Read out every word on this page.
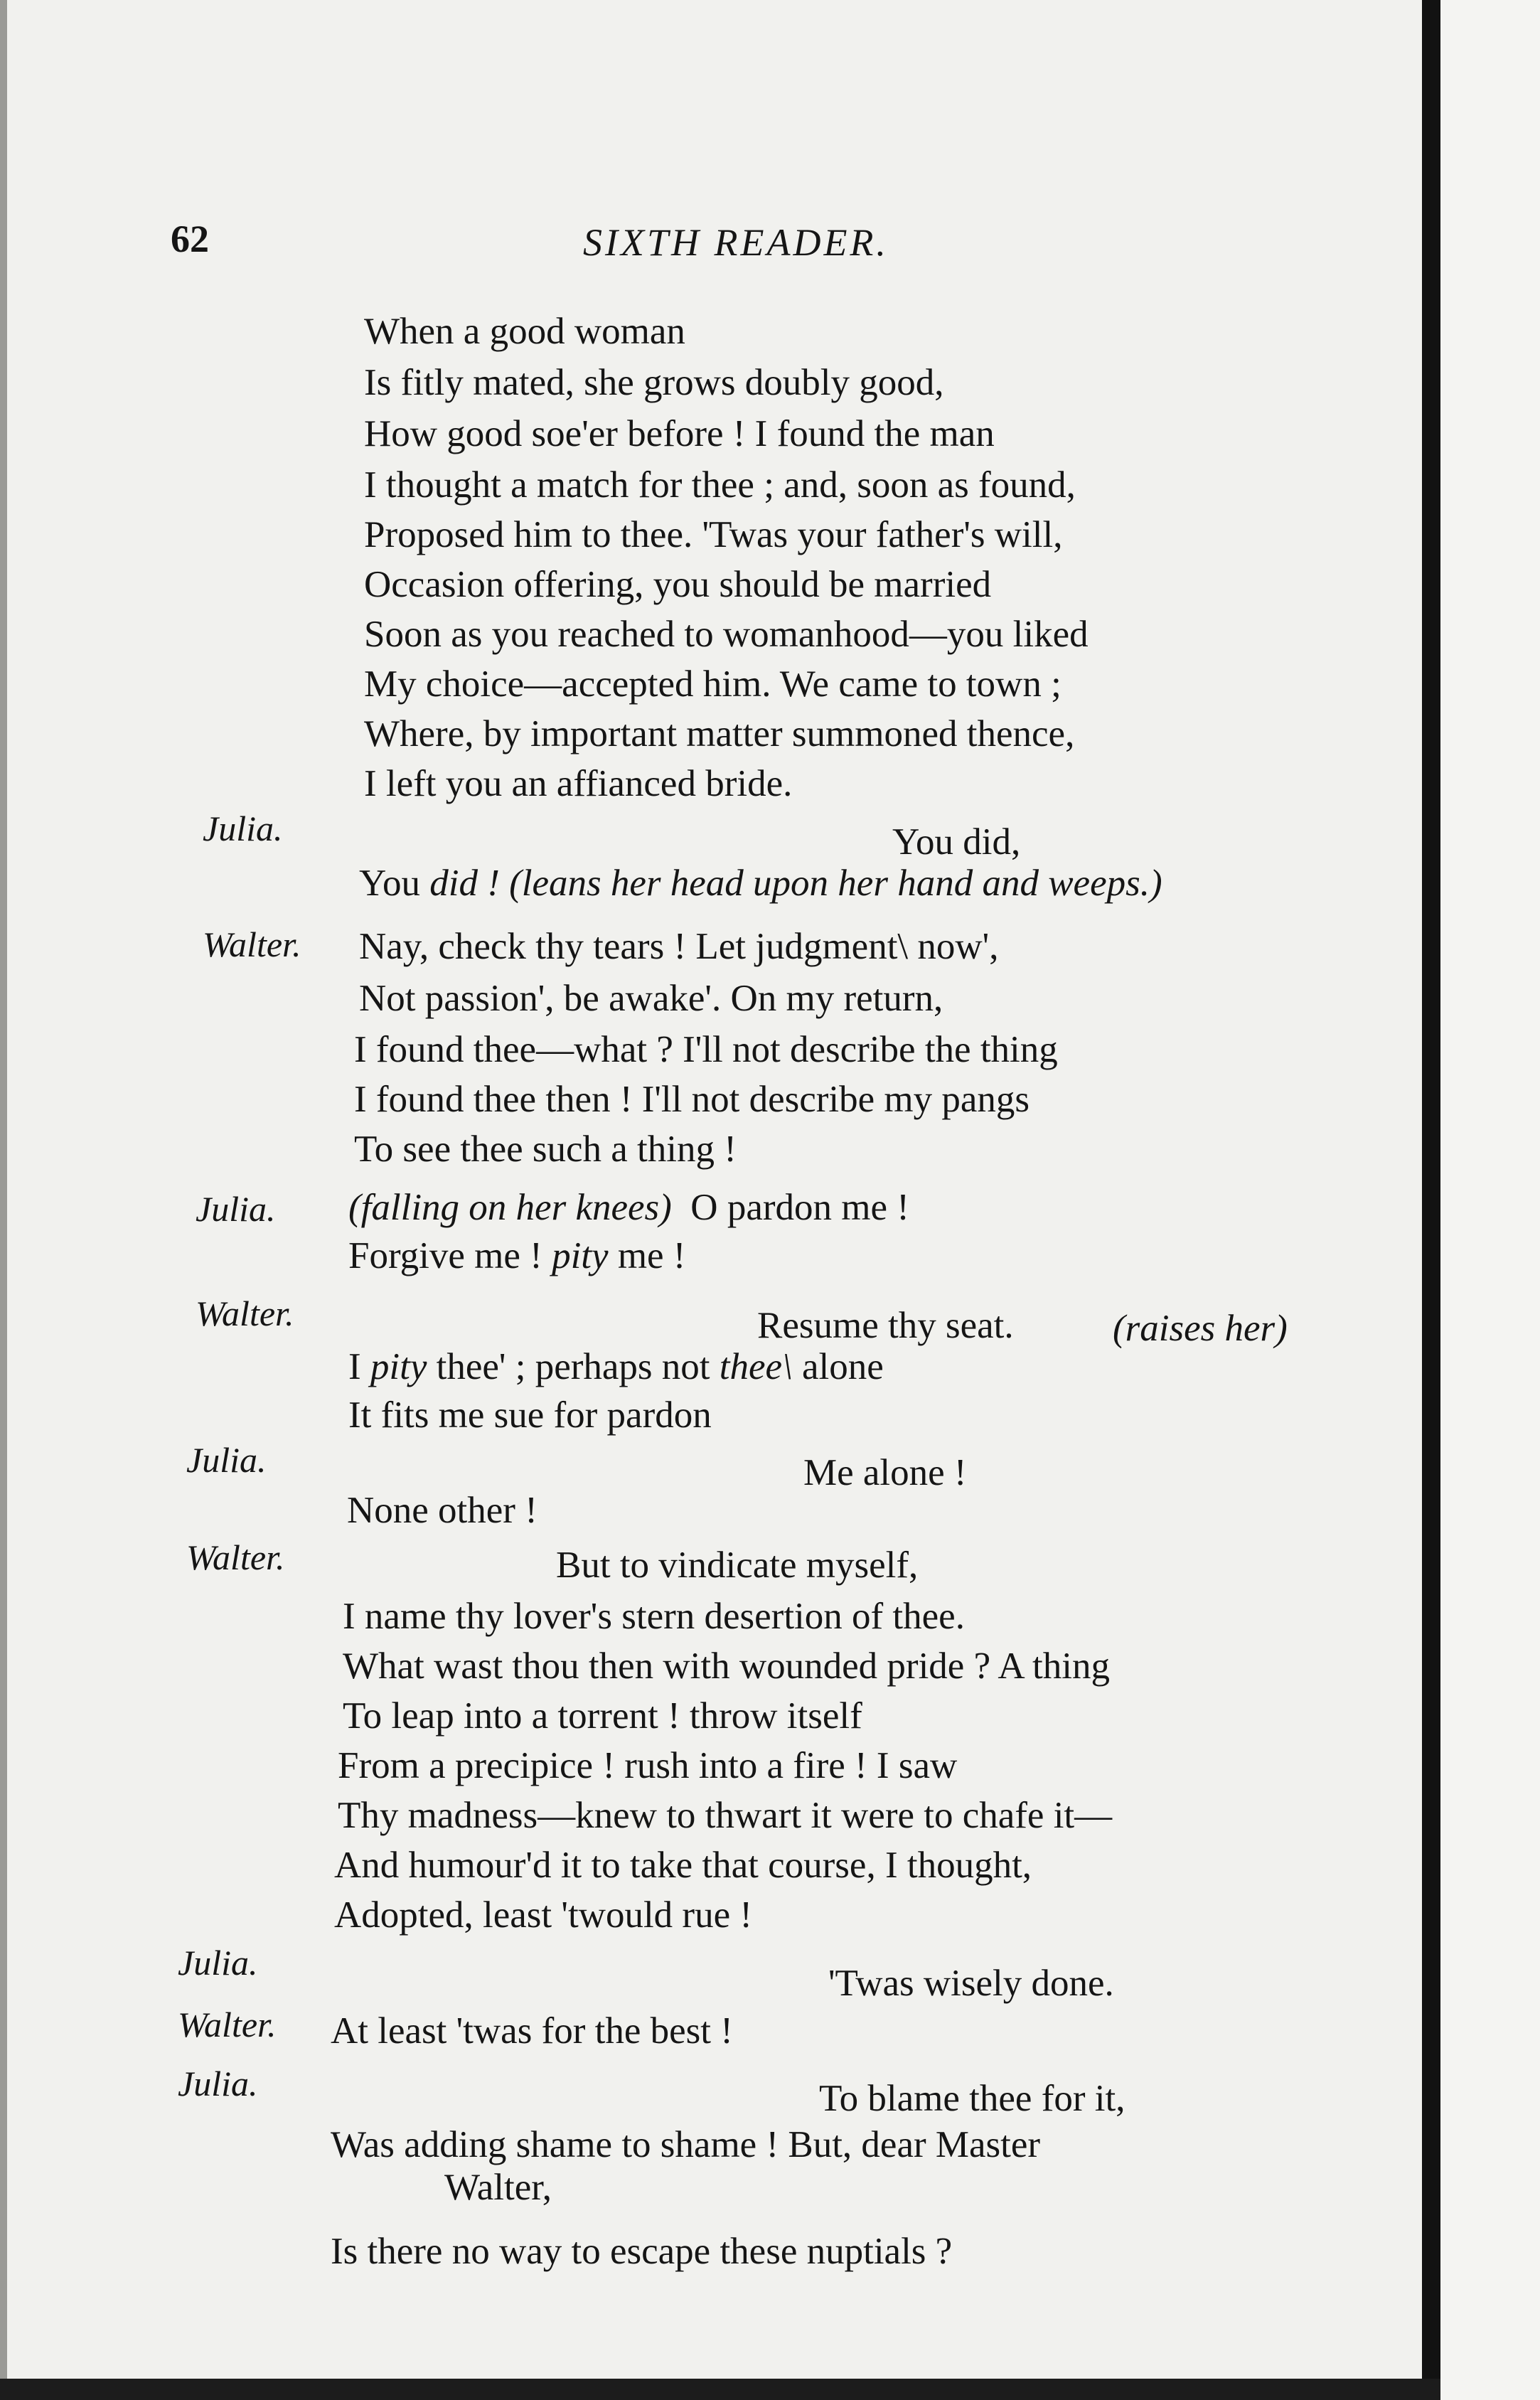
62	SIXTH READER.
When a good woman
Is fitly mated, she grows doubly good,
How good soe'er before ! I found the man
I thought a match for thee ; and, soon as found,
Proposed him to thee. 'Twas your father's will,
Occasion offering, you should be married
Soon as you reached to womanhood—you liked
My choice—accepted him. We came to town ;
Where, by important matter summoned thence,
I left you an affianced bride.
Julia.	You did,
You did ! (leans her head upon her hand and weeps.)
Walter. Nay, check thy tears ! Let judgment\ now',
Not passion', be awake'. On my return,
I found thee—what ? I'll not describe the thing
I found thee then ! I'll not describe my pangs
To see thee such a thing !
Julia. (falling on her knees) O pardon me !
Forgive me ! pity me !
Walter.	Resume thy seat.	(raises her)
I pity thee' ; perhaps not thee\ alone
It fits me sue for pardon
Julia.	Me alone !
None other !
Walter.	But to vindicate myself,
I name thy lover's stern desertion of thee.
What wast thou then with wounded pride ? A thing
To leap into a torrent ! throw itself
From a precipice ! rush into a fire ! I saw
Thy madness—knew to thwart it were to chafe it—
And humour'd it to take that course, I thought,
Adopted, least 'twould rue !
Julia.	'Twas wisely done.
Walter. At least 'twas for the best !
Julia.	To blame thee for it,
Was adding shame to shame ! But, dear Master
Walter,
Is there no way to escape these nuptials ?
